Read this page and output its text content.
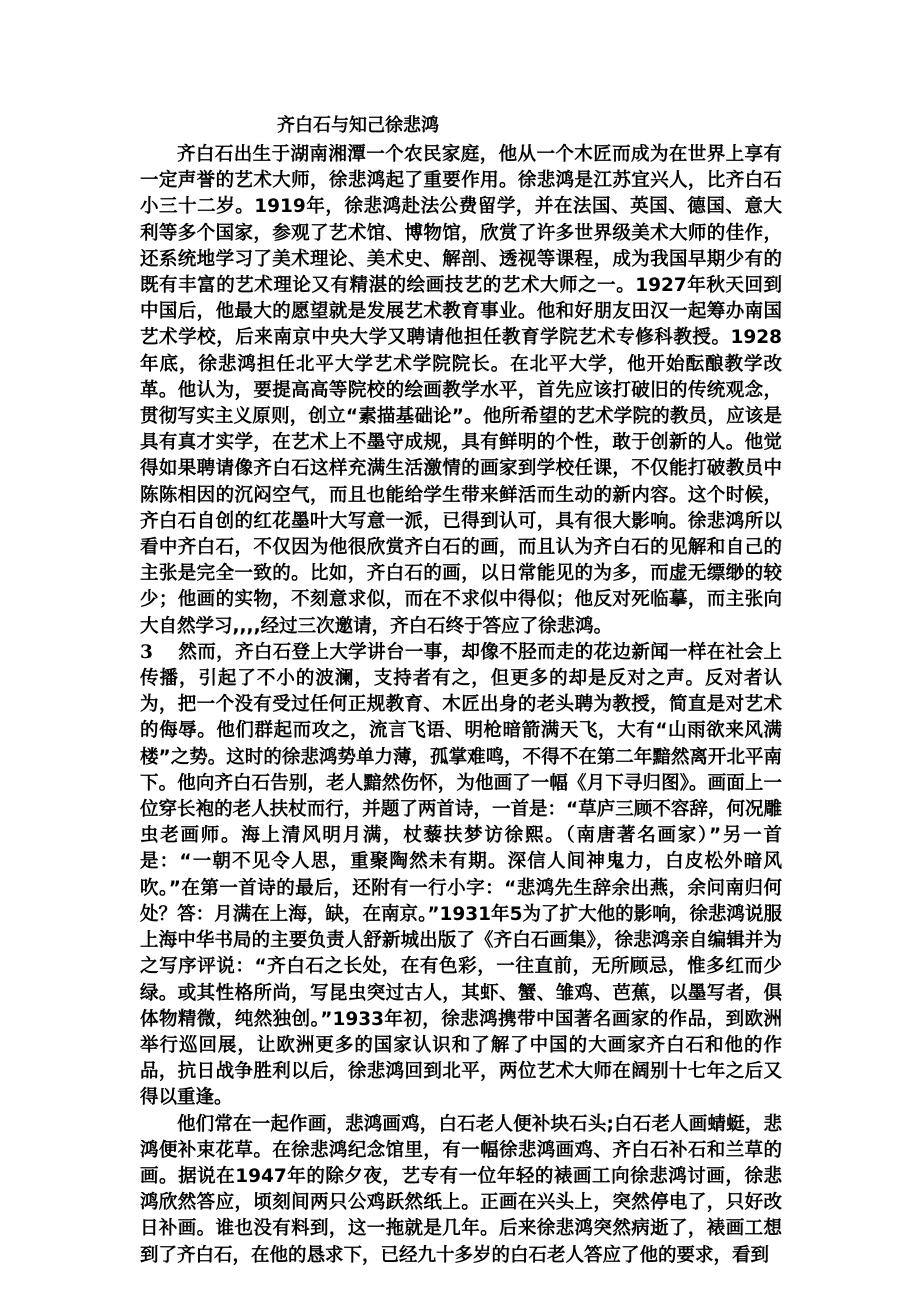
齐白石与知己徐悲鸿

齐白石出生于湖南湘潭一个农民家庭，他从一个木匠而成为在世界上享有一定声誉的艺术大师，徐悲鸿起了重要作用。徐悲鸿是江苏宜兴人，比齐白石小三十二岁。1919年，徐悲鸿赴法公费留学，并在法国、英国、德国、意大利等多个国家，参观了艺术馆、博物馆，欣赏了许多世界级美术大师的佳作，还系统地学习了美术理论、美术史、解剖、透视等课程，成为我国早期少有的既有丰富的艺术理论又有精湛的绘画技艺的艺术大师之一。1927年秋天回到中国后，他最大的愿望就是发展艺术教育事业。他和好朋友田汉一起筹办南国艺术学校，后来南京中央大学又聘请他担任教育学院艺术专修科教授。1928年底，徐悲鸿担任北平大学艺术学院院长。在北平大学，他开始酝酿教学改革。他认为，要提高高等院校的绘画教学水平，首先应该打破旧的传统观念，贯彻写实主义原则，创立“素描基础论”。他所希望的艺术学院的教员，应该是具有真才实学，在艺术上不墨守成规，具有鲜明的个性，敢于创新的人。他觉得如果聘请像齐白石这样充满生活激情的画家到学校任课，不仅能打破教员中陈陈相因的沉闷空气，而且也能给学生带来鲜活而生动的新内容。这个时候，齐白石自创的红花墨叶大写意一派，已得到认可，具有很大影响。徐悲鸿所以看中齐白石，不仅因为他很欣赏齐白石的画，而且认为齐白石的见解和自己的主张是完全一致的。比如，齐白石的画，以日常能见的为多，而虚无缥缈的较少；他画的实物，不刻意求似，而在不求似中得似；他反对死临摹，而主张向大自然学习,,,,经过三次邀请，齐白石终于答应了徐悲鸿。

3 然而，齐白石登上大学讲台一事，却像不胫而走的花边新闻一样在社会上传播，引起了不小的波澜，支持者有之，但更多的却是反对之声。反对者认为，把一个没有受过任何正规教育、木匠出身的老头聘为教授，简直是对艺术的侮辱。他们群起而攻之，流言飞语、明枪暗箭满天飞，大有“山雨欲来风满楼”之势。这时的徐悲鸿势单力薄，孤掌难鸣，不得不在第二年黯然离开北平南下。他向齐白石告别，老人黯然伤怀，为他画了一幅《月下寻归图》。画面上一位穿长袍的老人扶杖而行，并题了两首诗，一首是：“草庐三顾不容辞，何况雕虫老画师。海上清风明月满，杖藜扶梦访徐熙。（南唐著名画家）”另一首是：“一朝不见令人思，重聚陶然未有期。深信人间神鬼力，白皮松外暗风吹。”在第一首诗的最后，还附有一行小字：“悲鸿先生辞余出燕，余问南归何处？答：月满在上海，缺，在南京。”1931年5为了扩大他的影响，徐悲鸿说服上海中华书局的主要负责人舒新城出版了《齐白石画集》，徐悲鸿亲自编辑并为之写序评说：“齐白石之长处，在有色彩，一往直前，无所顾忌，惟多红而少绿。或其性格所尚，写昆虫突过古人，其虾、蟹、雏鸡、芭蕉，以墨写者，俱体物精微，纯然独创。”1933年初，徐悲鸿携带中国著名画家的作品，到欧洲举行巡回展，让欧洲更多的国家认识和了解了中国的大画家齐白石和他的作品，抗日战争胜利以后，徐悲鸿回到北平，两位艺术大师在阔别十七年之后又得以重逢。

他们常在一起作画，悲鸿画鸡，白石老人便补块石头;白石老人画蜻蜓，悲鸿便补束花草。在徐悲鸿纪念馆里，有一幅徐悲鸿画鸡、齐白石补石和兰草的画。据说在1947年的除夕夜，艺专有一位年轻的裱画工向徐悲鸿讨画，徐悲鸿欣然答应，顷刻间两只公鸡跃然纸上。正画在兴头上，突然停电了，只好改日补画。谁也没有料到，这一拖就是几年。后来徐悲鸿突然病逝了，裱画工想到了齐白石，在他的恳求下，已经九十多岁的白石老人答应了他的要求，看到
